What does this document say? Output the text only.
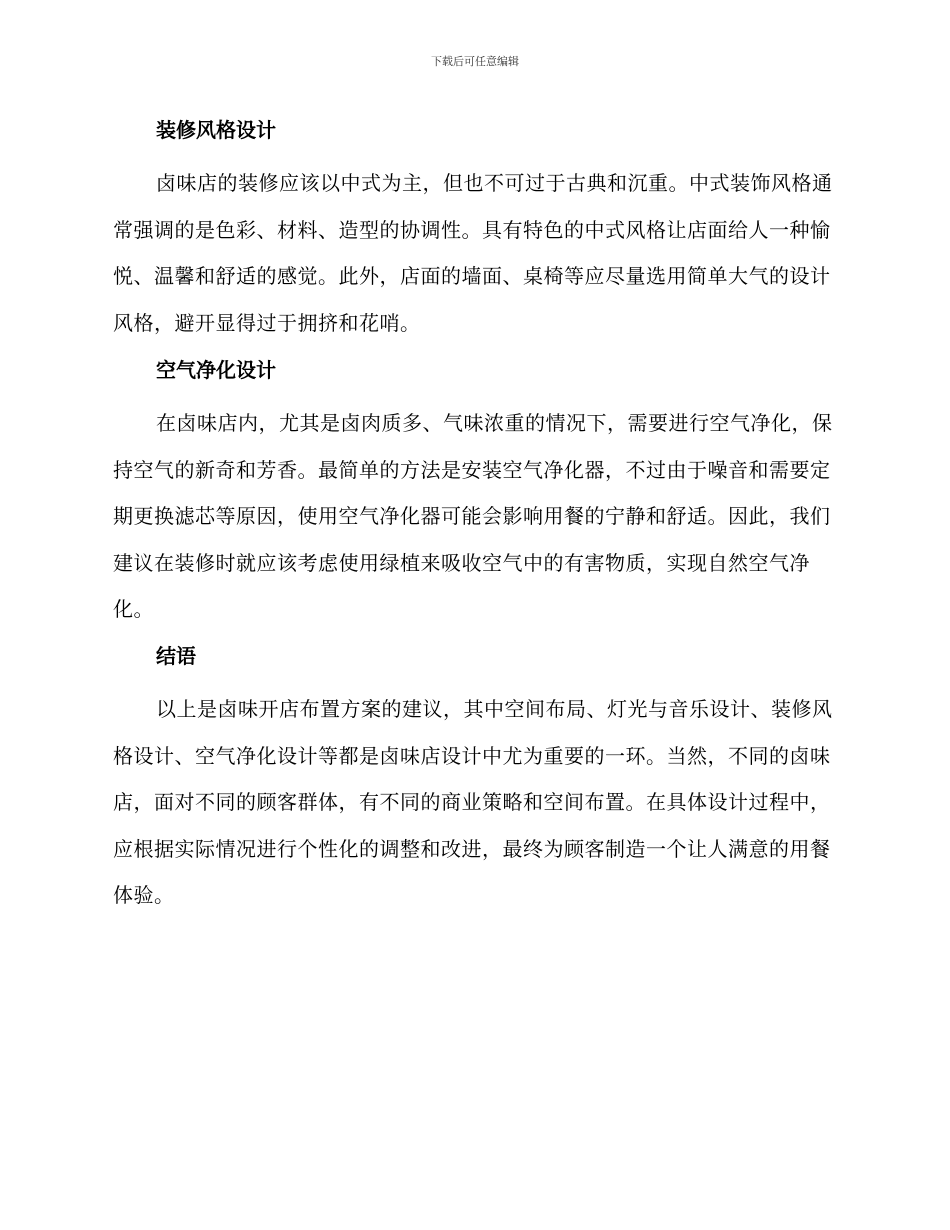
下载后可任意编辑
装修风格设计

卤味店的装修应该以中式为主，但也不可过于古典和沉重。中式装饰风格通常强调的是色彩、材料、造型的协调性。具有特色的中式风格让店面给人一种愉悦、温馨和舒适的感觉。此外，店面的墙面、桌椅等应尽量选用简单大气的设计风格，避开显得过于拥挤和花哨。

空气净化设计

在卤味店内，尤其是卤肉质多、气味浓重的情况下，需要进行空气净化，保持空气的新奇和芳香。最简单的方法是安装空气净化器，不过由于噪音和需要定期更换滤芯等原因，使用空气净化器可能会影响用餐的宁静和舒适。因此，我们建议在装修时就应该考虑使用绿植来吸收空气中的有害物质，实现自然空气净化。

结语

以上是卤味开店布置方案的建议，其中空间布局、灯光与音乐设计、装修风格设计、空气净化设计等都是卤味店设计中尤为重要的一环。当然，不同的卤味店，面对不同的顾客群体，有不同的商业策略和空间布置。在具体设计过程中，应根据实际情况进行个性化的调整和改进，最终为顾客制造一个让人满意的用餐体验。
